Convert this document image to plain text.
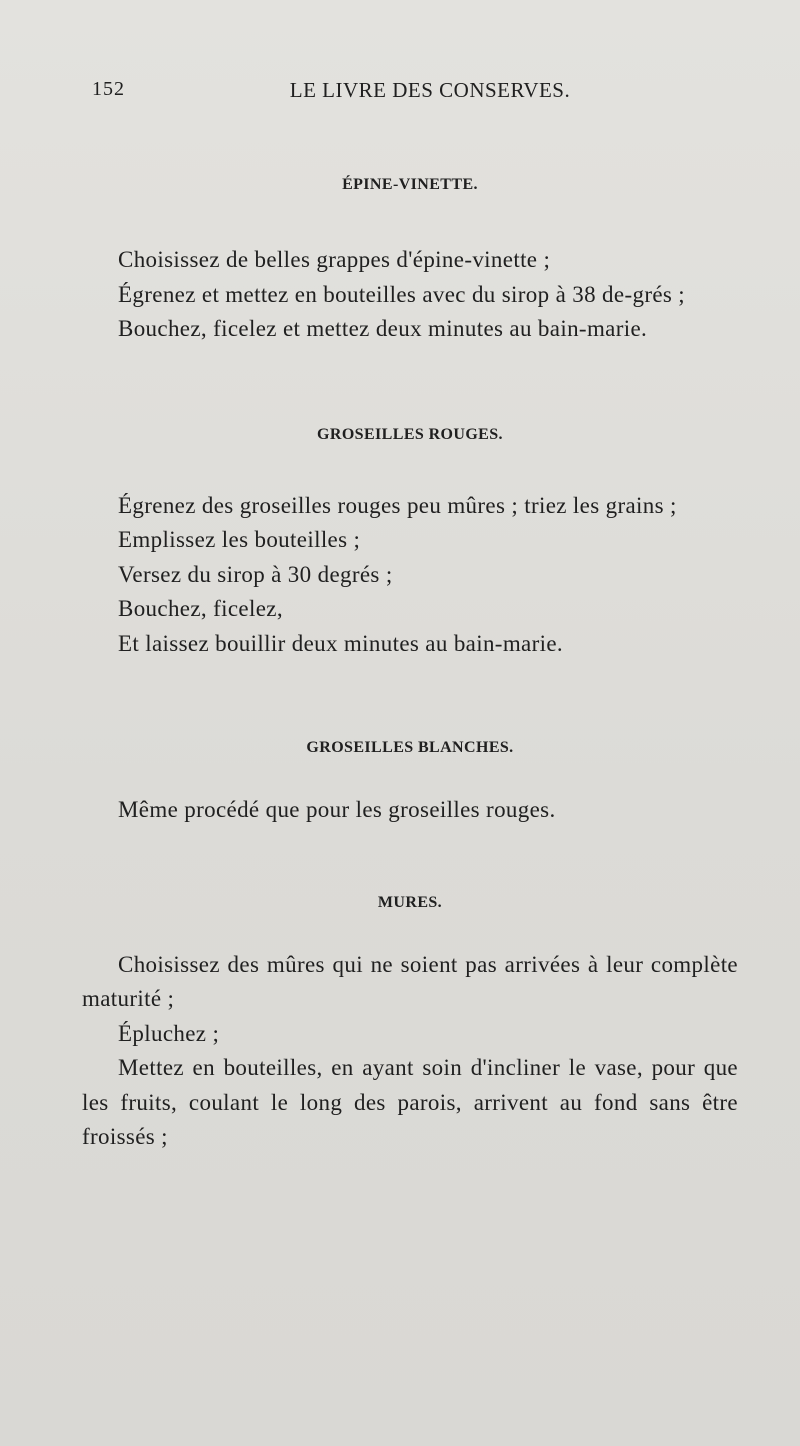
152	LE LIVRE DES CONSERVES.
ÉPINE-VINETTE.

Choisissez de belles grappes d'épine-vinette ;

Égrenez et mettez en bouteilles avec du sirop à 38 de-grés ;

Bouchez, ficelez et mettez deux minutes au bain-marie.

GROSEILLES ROUGES.

Égrenez des groseilles rouges peu mûres ; triez les grains ;

Emplissez les bouteilles ;

Versez du sirop à 30 degrés ;

Bouchez, ficelez,

Et laissez bouillir deux minutes au bain-marie.

GROSEILLES BLANCHES.

Même procédé que pour les groseilles rouges.

MURES.

Choisissez des mûres qui ne soient pas arrivées à leur complète maturité ;

Épluchez ;

Mettez en bouteilles, en ayant soin d'incliner le vase, pour que les fruits, coulant le long des parois, arrivent au fond sans être froissés ;
